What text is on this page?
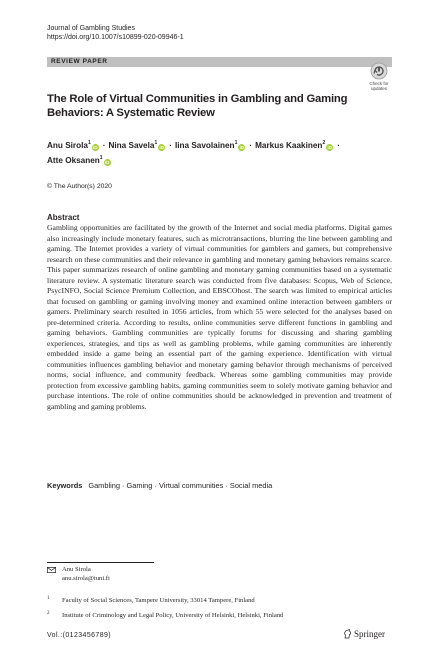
Journal of Gambling Studies
https://doi.org/10.1007/s10899-020-09946-1
REVIEW PAPER
Check for updates
The Role of Virtual Communities in Gambling and Gaming Behaviors: A Systematic Review
Anu Sirola$^1$iD · Nina Savela$^1$iD · Iina Savolainen$^1$iD · Markus Kaakinen$^2$iD ·
Atte Oksanen$^1$iD
© The Author(s) 2020
Abstract

Gambling opportunities are facilitated by the growth of the Internet and social media platforms. Digital games also increasingly include monetary features, such as microtransactions, blurring the line between gambling and gaming. The Internet provides a variety of virtual communities for gamblers and gamers, but comprehensive research on these communities and their relevance in gambling and monetary gaming behaviors remains scarce. This paper summarizes research of online gambling and monetary gaming communities based on a systematic literature review. A systematic literature search was conducted from five databases: Scopus, Web of Science, PsycINFO, Social Science Premium Collection, and EBSCOhost. The search was limited to empirical articles that focused on gambling or gaming involving money and examined online interaction between gamblers or gamers. Preliminary search resulted in 1056 articles, from which 55 were selected for the analyses based on pre-determined criteria. According to results, online communities serve different functions in gambling and gaming behaviors. Gambling communities are typically forums for discussing and sharing gambling experiences, strategies, and tips as well as gambling problems, while gaming communities are inherently embedded inside a game being an essential part of the gaming experience. Identification with virtual communities influences gambling behavior and monetary gaming behavior through mechanisms of perceived norms, social influence, and community feedback. Whereas some gambling communities may provide protection from excessive gambling habits, gaming communities seem to solely motivate gaming behavior and purchase intentions. The role of online communities should be acknowledged in prevention and treatment of gambling and gaming problems.

Keywords Gambling · Gaming · Virtual communities · Social media
Anu Sirola
anu.sirola@tuni.fi
1 Faculty of Social Sciences, Tampere University, 33014 Tampere, Finland
2 Institute of Criminology and Legal Policy, University of Helsinki, Helsinki, Finland
Vol.:(0123456789)	Springer
